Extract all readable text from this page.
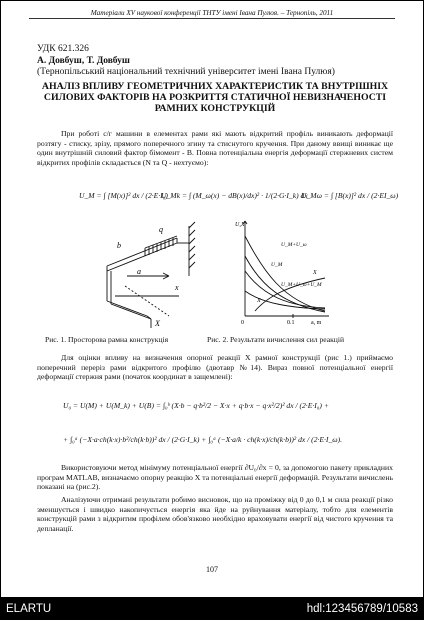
Матеріали XV наукової конференції ТНТУ імені Івана Пулюя. – Тернопіль, 2011
УДК 621.326
А. Довбуш, Т. Довбуш
(Тернопільський національний технічний університет імені Івана Пулюя)
АНАЛІЗ ВПЛИВУ ГЕОМЕТРИЧНИХ ХАРАКТЕРИСТИК ТА ВНУТРІШНІХ СИЛОВИХ ФАКТОРІВ НА РОЗКРИТТЯ СТАТИЧНОЇ НЕВИЗНАЧЕНОСТІ РАМНИХ КОНСТРУКЦІЙ
При роботі с/г машини в елементах рами які мають відкритий профіль виникають деформації розтягу - стиску, зрізу, прямого поперечного згину та стиснутого кручення. При даному ввищі виникає ще один внутрішній силовий фактор бімомент - В. Повна потенціальна енергія деформації стержневих систем відкритих профілів складається (N та Q - нехтуємо):
U_M = ∫ [M(x)]² dx / (2·E·I₀)
U_Mk = ∫ (M_ω(x) − dB(x)/dx)² · 1/(2·G·I_k) dx
U_Mω = ∫ [B(x)]² dx / (2·EI_ω)
b
q
x
a
X
U,X
0	0.1	a, m
U_M+U_ω
U_M
U_M+U_ω+U_M
X
X
Рис. 1. Просторова рамна конструкція	Рис. 2. Результати вичислення сил реакцій
Для оцінки впливу на визначення опорної реакції X рамної конструкції (рис 1.) приймаємо поперечний переріз рами відкритого профілю (двотавр №14). Вираз повної потенціальної енергії деформації стержня рами (початок координат в защемлені):
U₀ = U(M) + U(M_k) + U(B) = ∫₀ᵇ (X·b − q·b²/2 − X·x + q·b·x − q·x²/2)² dx / (2·E·I₀) +
+ ∫₀ᵃ (−X·a·ch(k·x)·b²/ch(k·b))² dx / (2·G·I_k) + ∫₀ᵃ (−X·a/k · ch(k·x)/ch(k·b))² dx / (2·E·I_ω).
Використовуючи метод мінімуму потенціальної енергії ∂U₀/∂x = 0, за допомогою пакету прикладних програм MATLAB, визначаємо опорну реакцію X та потенціальні енергії деформацій. Результати вичислень показані на (рис.2).
Аналізуючи отримані результати робимо висновок, що на проміжку від 0 до 0,1 м сила реакції різко зменшується і швидко накопичується енергія яка йде на руйнування матеріалу, тобто для елементів конструкцій рами з відкритим профілем обов'язково необхідно враховувати енергії від чистого кручення та депланації.
107
ELARTU	hdl:123456789/10583
